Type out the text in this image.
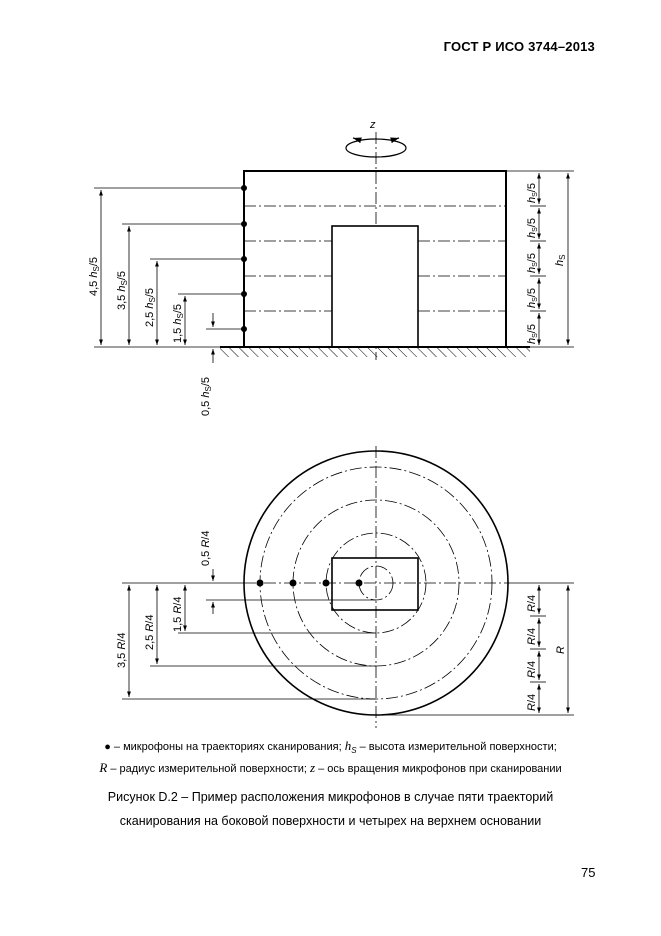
ГОСТ Р ИСО 3744–2013
z
4,5 hS/5
3,5 hS/5
2,5 hS/5
1,5 hS/5
0,5 hS/5
hS/5
hS/5
hS/5
hS/5
hS/5
hS
3,5 R/4 2,5 R/4 1,5 R/4
0,5 R/4
R/4
R/4
R/4
R/4
R
● – микрофоны на траекториях сканирования; $h_S$ – высота измерительной поверхности;
R – радиус измерительной поверхности; z – ось вращения микрофонов при сканировании
Рисунок D.2 – Пример расположения микрофонов в случае пяти траекторий
сканирования на боковой поверхности и четырех на верхнем основании
75
